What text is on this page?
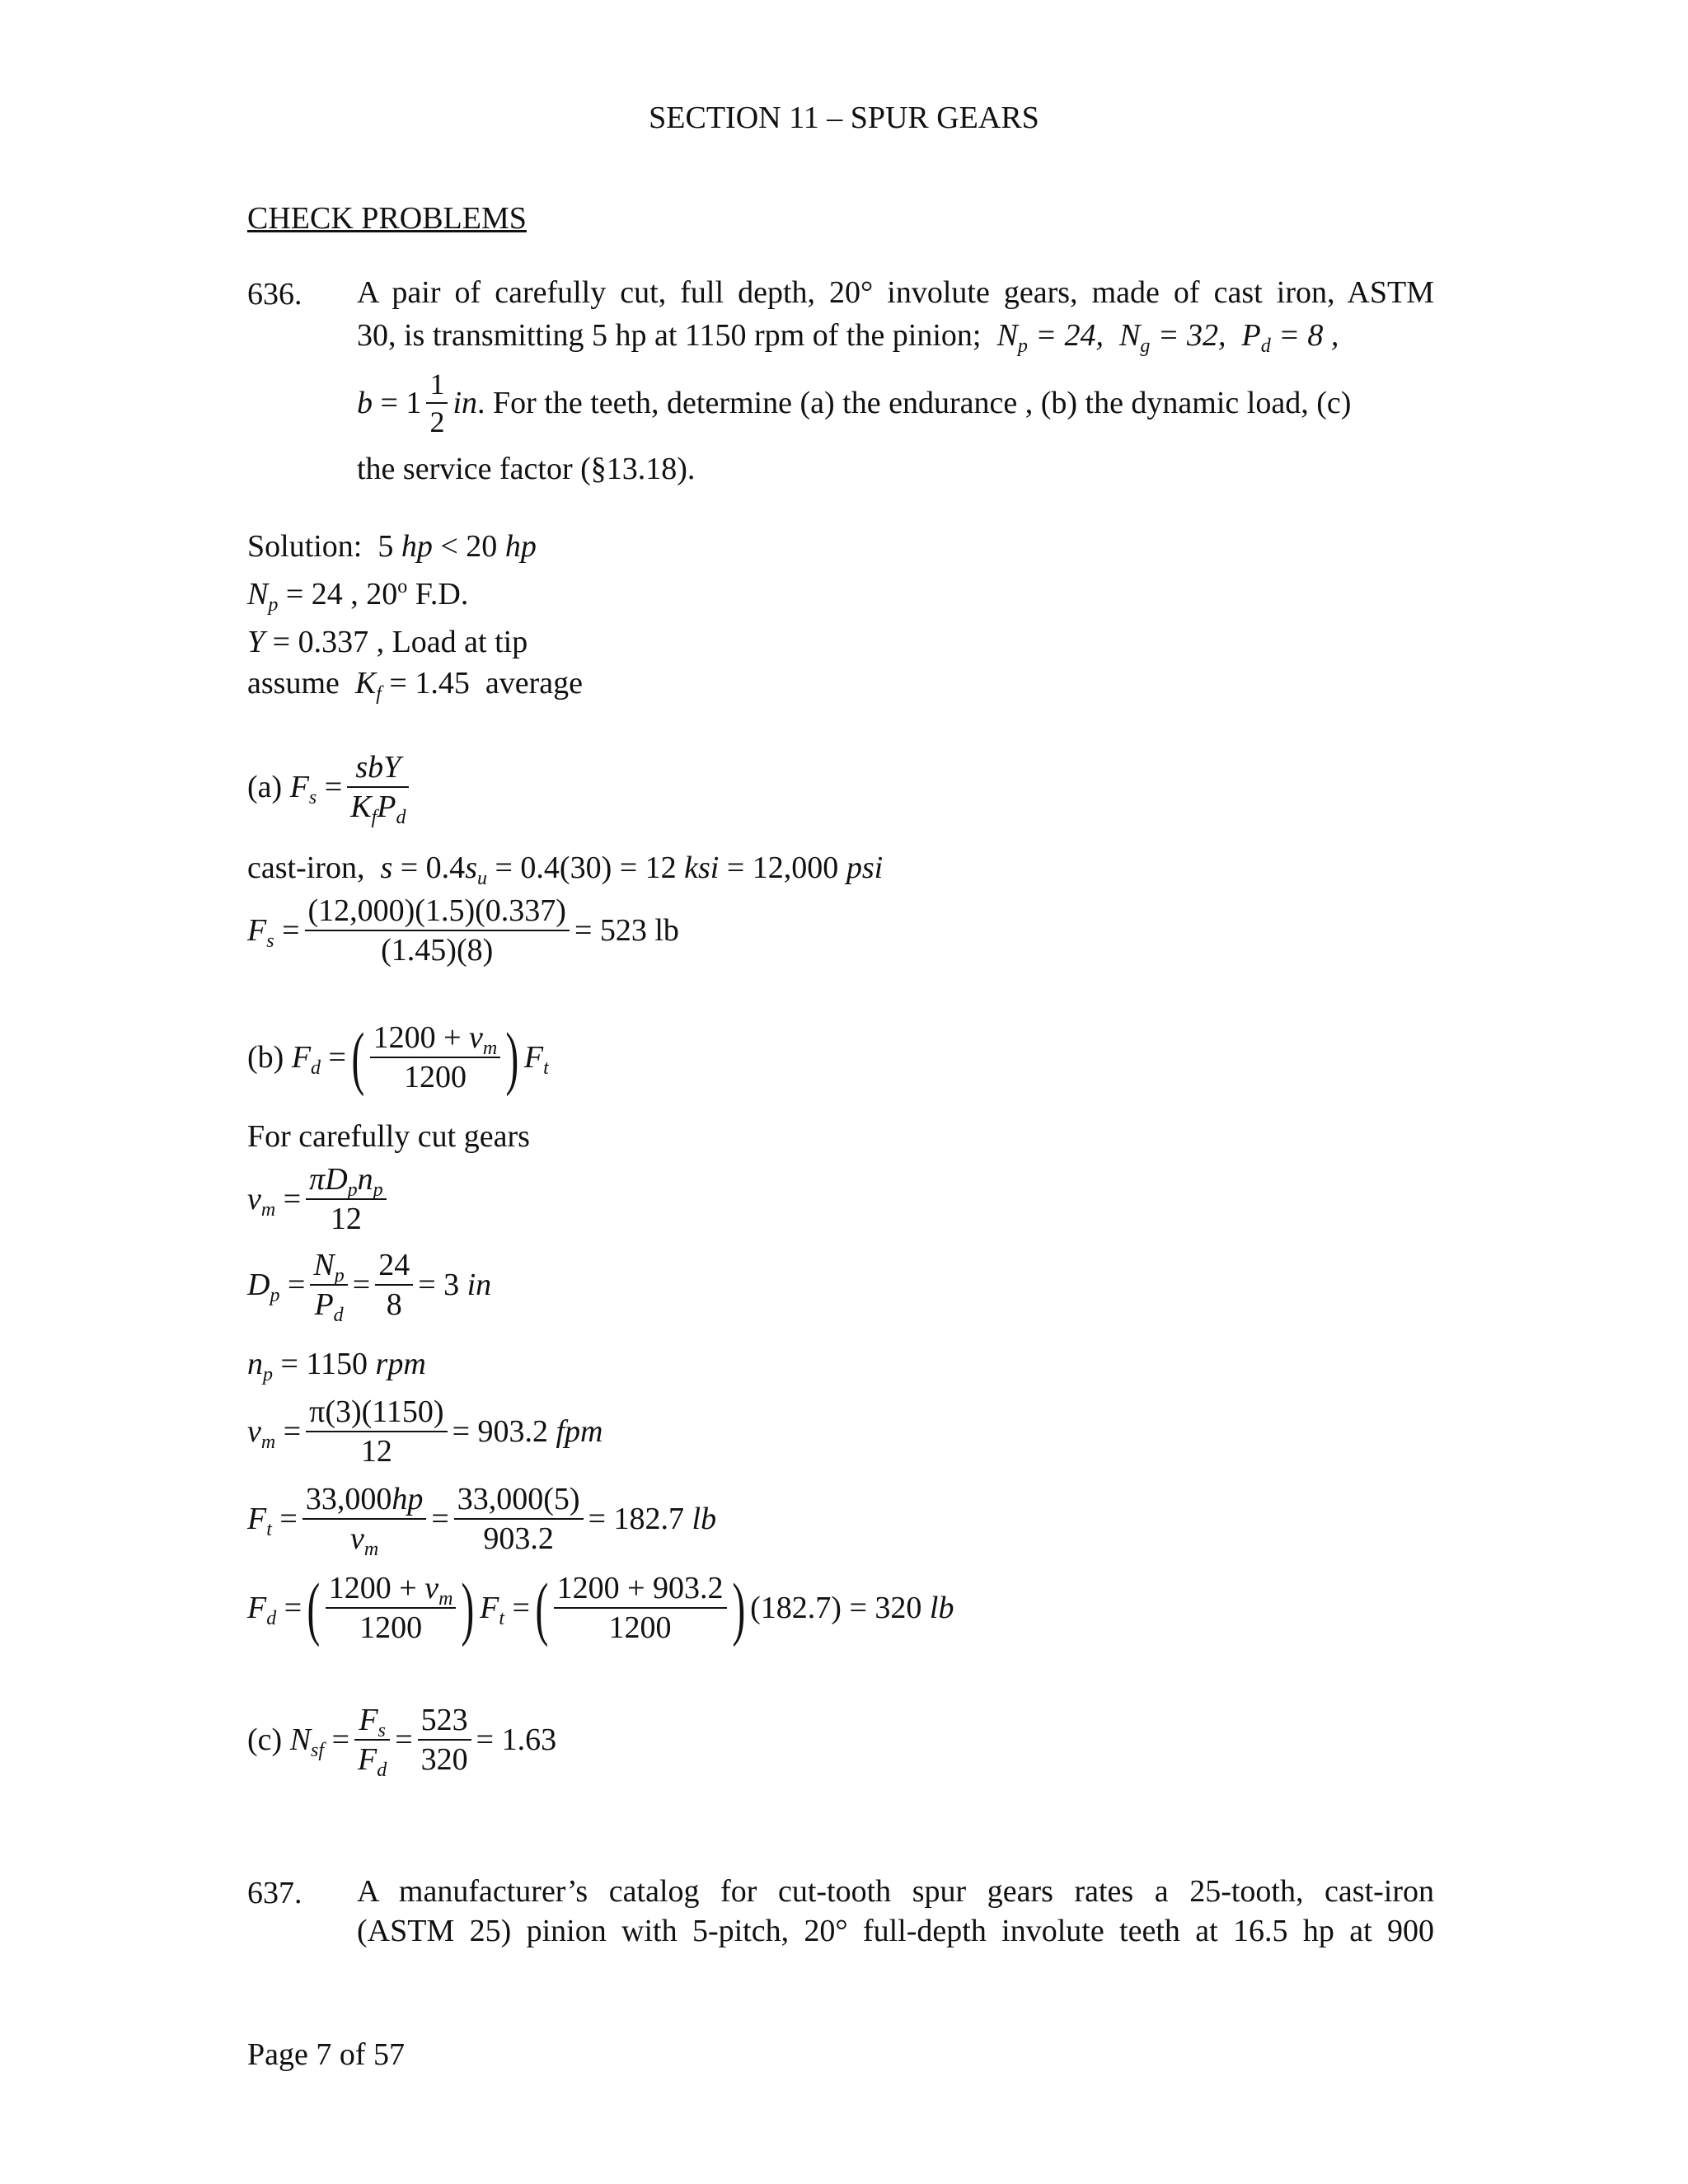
SECTION 11 – SPUR GEARS
CHECK PROBLEMS
636. A pair of carefully cut, full depth, 20° involute gears, made of cast iron, ASTM
30, is transmitting 5 hp at 1150 rpm of the pinion;  $N_p = 24$,  $N_g = 32$,  $P_d = 8$ ,
$b = 1 \frac{1}{2}$ in . For the teeth, determine (a) the endurance , (b) the dynamic load, (c)
the service factor (§13.18).
Solution:  5 hp < 20 hp
$N_p = 24$ , 20$^o$ F.D.
Y = 0.337 , Load at tip
assume  $K_f = 1.45$  average
(a)
$F_s = \frac{\text{sbY}}{K_fP_d}$
cast-iron,  $s = 0.4s_u = 0.4(30) = 12$ ksi = 12,000 psi
$F_s = \frac{(12,000)(1.5)(0.337)}{(1.45)(8)} = 523$ lb
(b)
$F_d$ = ( $\frac{1200 + v_m}{1200}$ ) $F_t$
For carefully cut gears
$v_m = \frac{\pi D_pn_p}{12}$
$D_p = \frac{N_p}{P_d} = \frac{24}{8} = 3$ in
$n_p = 1150$ rpm
$v_m = \frac{\pi(3)(1150)}{12} = 903.2$ fpm
$F_t = \frac{33,000hp}{v_m} = \frac{33,000(5)}{903.2} = 182.7$ lb
$F_d$ = ( $\frac{1200 + v_m}{1200}$ ) $F_t$ = ( $\frac{1200 + 903.2}{1200}$ ) (182.7) = 320 lb
(c)
$N_{sf} = \frac{F_s}{F_d} = \frac{523}{320} = 1.63$
637. A manufacturer’s catalog for cut-tooth spur gears rates a 25-tooth, cast-iron
(ASTM 25) pinion with 5-pitch, 20° full-depth involute teeth at 16.5 hp at 900
Page 7 of 57
